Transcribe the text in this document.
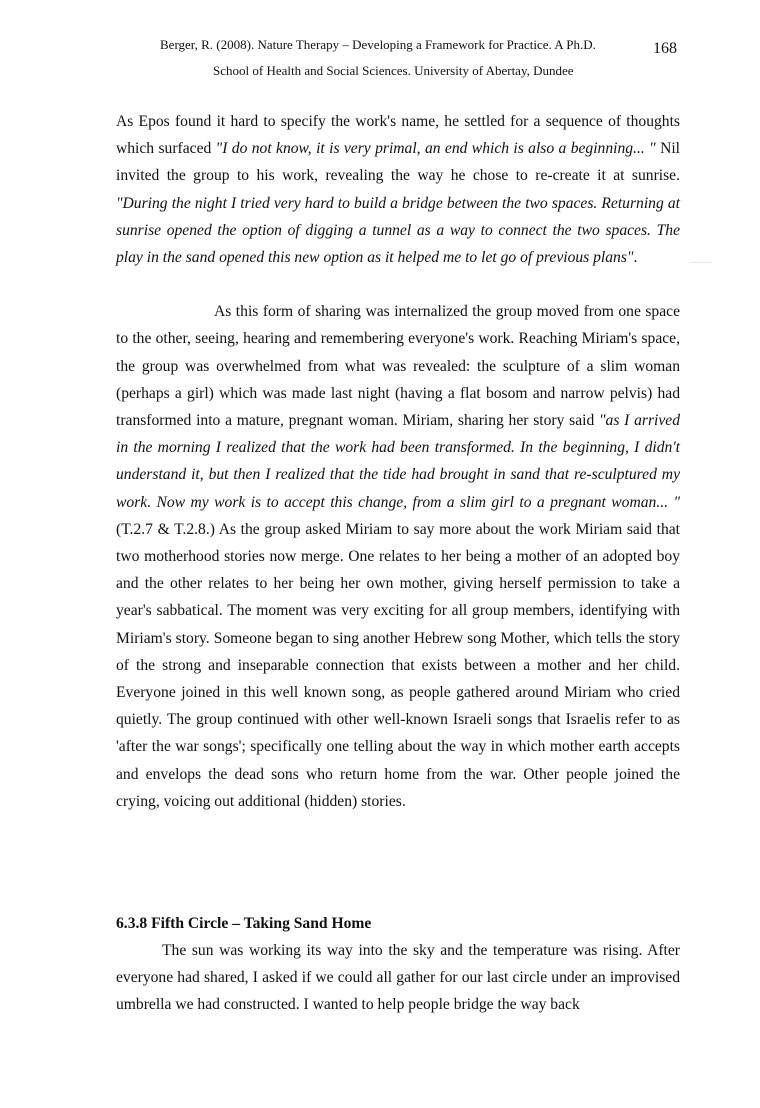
Berger, R. (2008). Nature Therapy – Developing a Framework for Practice. A Ph.D.	168
School of Health and Social Sciences. University of Abertay, Dundee

As Epos found it hard to specify the work's name, he settled for a sequence of thoughts which surfaced "I do not know, it is very primal, an end which is also a beginning... " Nil invited the group to his work, revealing the way he chose to re-create it at sunrise. "During the night I tried very hard to build a bridge between the two spaces. Returning at sunrise opened the option of digging a tunnel as a way to connect the two spaces. The play in the sand opened this new option as it helped me to let go of previous plans".

As this form of sharing was internalized the group moved from one space to the other, seeing, hearing and remembering everyone's work. Reaching Miriam's space, the group was overwhelmed from what was revealed: the sculpture of a slim woman (perhaps a girl) which was made last night (having a flat bosom and narrow pelvis) had transformed into a mature, pregnant woman. Miriam, sharing her story said "as I arrived in the morning I realized that the work had been transformed. In the beginning, I didn't understand it, but then I realized that the tide had brought in sand that re-sculptured my work. Now my work is to accept this change, from a slim girl to a pregnant woman... " (T.2.7 & T.2.8.) As the group asked Miriam to say more about the work Miriam said that two motherhood stories now merge. One relates to her being a mother of an adopted boy and the other relates to her being her own mother, giving herself permission to take a year's sabbatical. The moment was very exciting for all group members, identifying with Miriam's story. Someone began to sing another Hebrew song Mother, which tells the story of the strong and inseparable connection that exists between a mother and her child. Everyone joined in this well known song, as people gathered around Miriam who cried quietly. The group continued with other well-known Israeli songs that Israelis refer to as 'after the war songs'; specifically one telling about the way in which mother earth accepts and envelops the dead sons who return home from the war. Other people joined the crying, voicing out additional (hidden) stories.

6.3.8 Fifth Circle – Taking Sand Home

The sun was working its way into the sky and the temperature was rising. After everyone had shared, I asked if we could all gather for our last circle under an improvised umbrella we had constructed. I wanted to help people bridge the way back
